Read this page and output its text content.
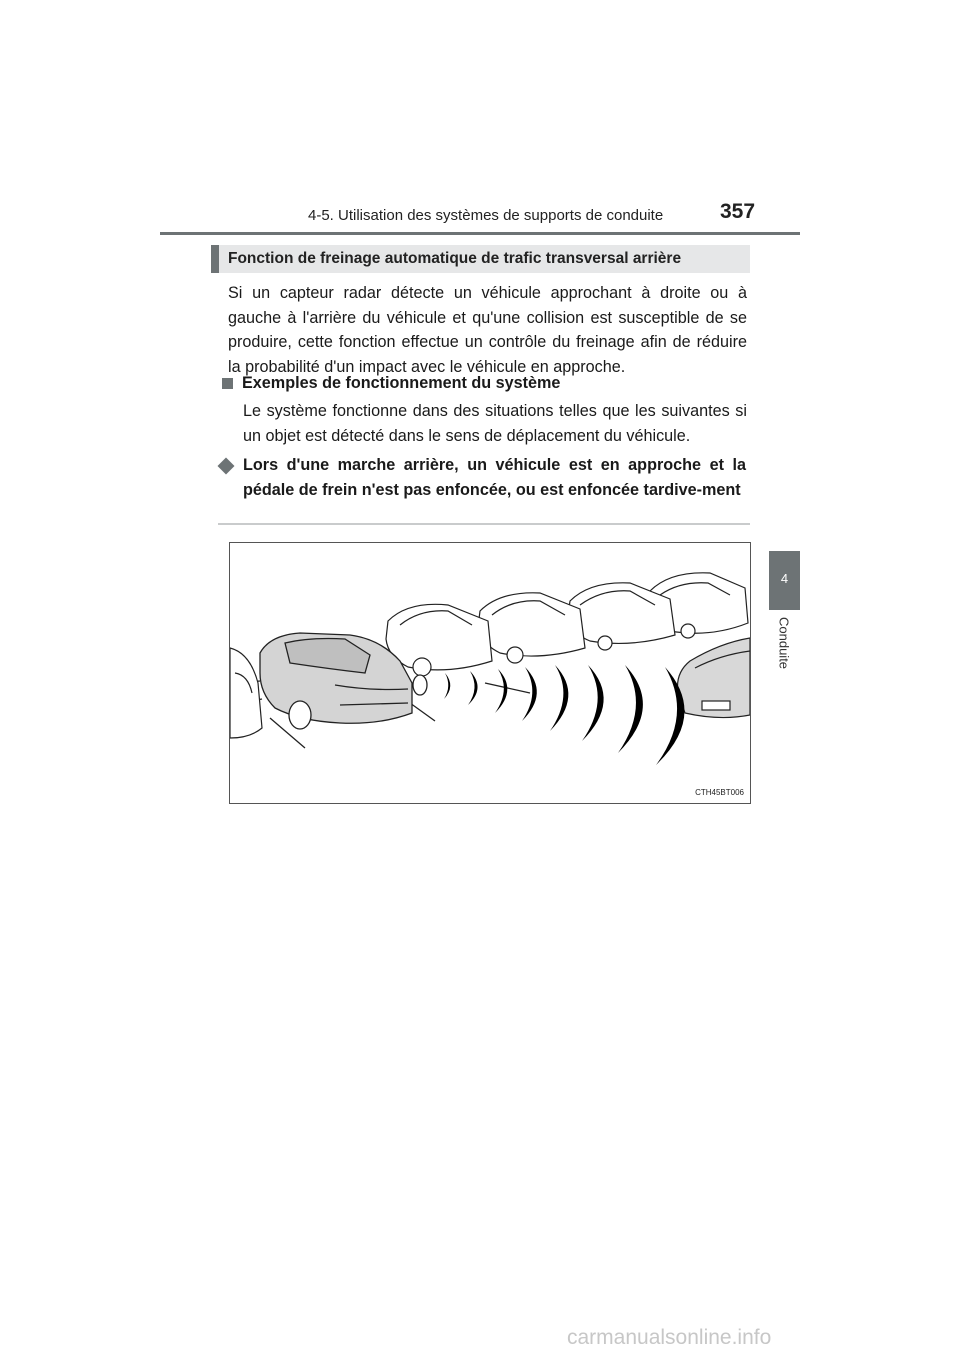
4-5. Utilisation des systèmes de supports de conduite	357
4
Conduite
Fonction de freinage automatique de trafic transversal arrière

Si un capteur radar détecte un véhicule approchant à droite ou à gauche à l'arrière du véhicule et qu'une collision est susceptible de se produire, cette fonction effectue un contrôle du freinage afin de réduire la probabilité d'un impact avec le véhicule en approche.

Exemples de fonctionnement du système

Le système fonctionne dans des situations telles que les suivantes si un objet est détecté dans le sens de déplacement du véhicule.

Lors d'une marche arrière, un véhicule est en approche et la pédale de frein n'est pas enfoncée, ou est enfoncée tardive-ment

CTH45BT006
carmanualsonline.info
